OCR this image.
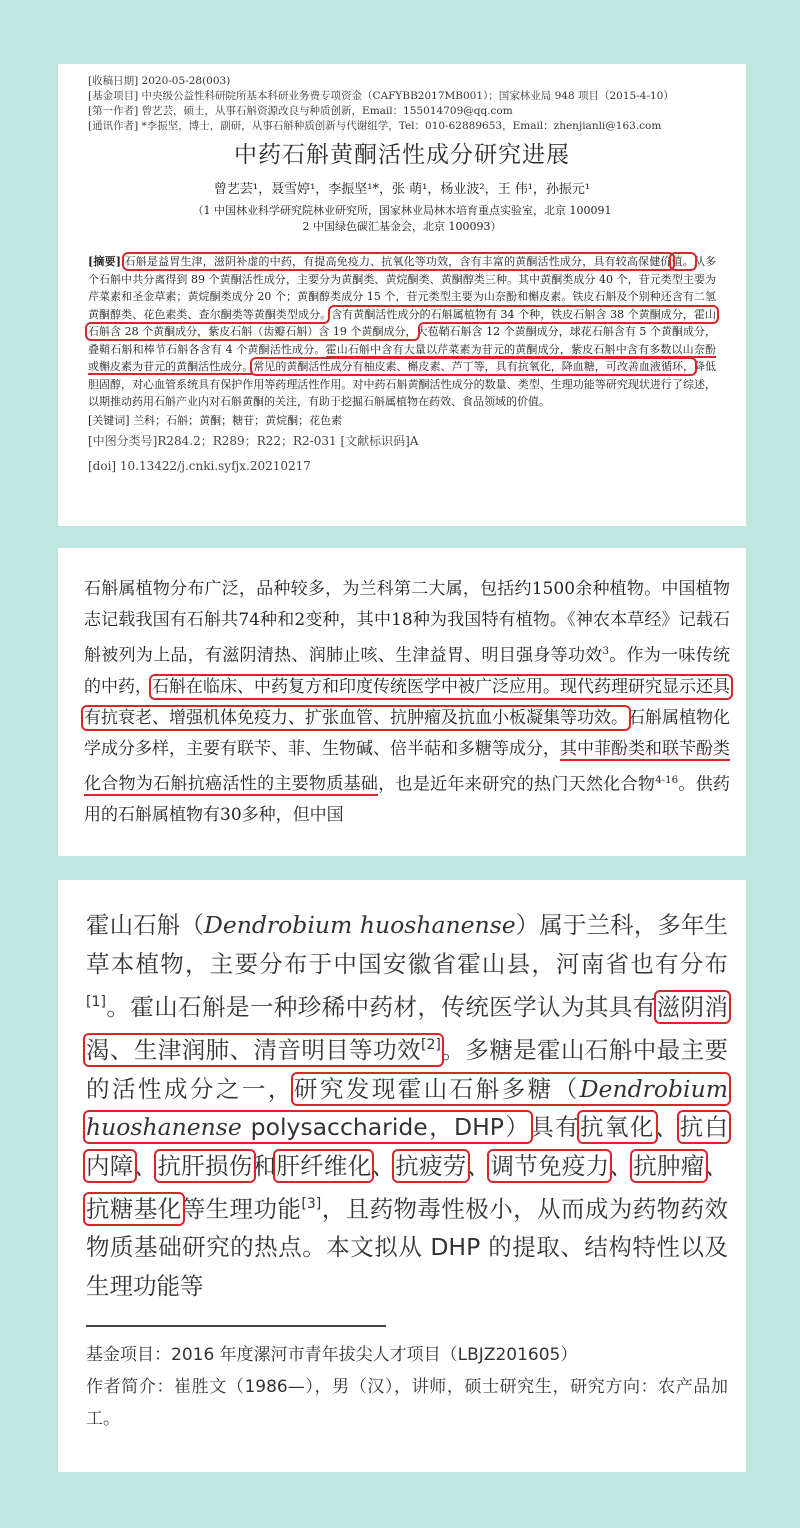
[收稿日期] 2020-05-28(003)
[基金项目] 中央级公益性科研院所基本科研业务费专项资金（CAFYBB2017MB001）；国家林业局 948 项目（2015-4-10）
[第一作者] 曾艺芸，硕士，从事石斛资源改良与种质创新，Email：155014709@qq.com
[通讯作者] *李振坚，博士，副研，从事石斛种质创新与代谢组学，Tel：010-62889653，Email：zhenjianli@163.com
中药石斛黄酮活性成分研究进展
曾艺芸¹，聂雪婷¹，李振坚¹*，张 萌¹，杨业波²，王 伟¹，孙振元¹
（1 中国林业科学研究院林业研究所，国家林业局林木培育重点实验室，北京 100091
2 中国绿色碳汇基金会，北京 100093）
[摘要] 石斛是益胃生津，滋阴补虚的中药，有提高免疫力、抗氧化等功效，含有丰富的黄酮活性成分，具有较高保健价值。从多个石斛中共分离得到 89 个黄酮活性成分，主要分为黄酮类、黄烷酮类、黄酮醇类三种。其中黄酮类成分 40 个，苷元类型主要为芹菜素和圣金草素；黄烷酮类成分 20 个；黄酮醇类成分 15 个，苷元类型主要为山奈酚和槲皮素。铁皮石斛及个别种还含有二氢黄酮醇类、花色素类、查尔酮类等黄酮类型成分。含有黄酮活性成分的石斛属植物有 34 个种，铁皮石斛含 38 个黄酮成分，霍山石斛含 28 个黄酮成分，紫皮石斛（齿瓣石斛）含 19 个黄酮成分，大苞鞘石斛含 12 个黄酮成分，球花石斛含有 5 个黄酮成分，叠鞘石斛和棒节石斛各含有 4 个黄酮活性成分。霍山石斛中含有大量以芹菜素为苷元的黄酮成分，紫皮石斛中含有多数以山奈酚或槲皮素为苷元的黄酮活性成分。常见的黄酮活性成分有柚皮素、槲皮素、芦丁等，具有抗氧化，降血糖，可改善血液循环，降低胆固醇，对心血管系统具有保护作用等药理活性作用。对中药石斛黄酮活性成分的数量、类型、生理功能等研究现状进行了综述，以期推动药用石斛产业内对石斛黄酮的关注，有助于挖掘石斛属植物在药效、食品领域的价值。
[关键词] 兰科；石斛；黄酮；糖苷；黄烷酮；花色素
[中图分类号]R284.2；R289；R22；R2-031 [文献标识码]A
[doi] 10.13422/j.cnki.syfjx.20210217
石斛属植物分布广泛，品种较多，为兰科第二大属，包括约1500余种植物。中国植物志记载我国有石斛共74种和2变种，其中18种为我国特有植物。《神农本草经》记载石斛被列为上品，有滋阴清热、润肺止咳、生津益胃、明目强身等功效$^3$。作为一味传统的中药，石斛在临床、中药复方和印度传统医学中被广泛应用。现代药理研究显示还具有抗衰老、增强机体免疫力、扩张血管、抗肿瘤及抗血小板凝集等功效。石斛属植物化学成分多样，主要有联苄、菲、生物碱、倍半萜和多糖等成分，其中菲酚类和联苄酚类化合物为石斛抗癌活性的主要物质基础，也是近年来研究的热门天然化合物$^{4-16}$。供药用的石斛属植物有30多种，但中国
霍山石斛（Dendrobium huoshanense）属于兰科，多年生草本植物，主要分布于中国安徽省霍山县，河南省也有分布[1]。霍山石斛是一种珍稀中药材，传统医学认为其具有滋阴消渴、生津润肺、清音明目等功效[2]。多糖是霍山石斛中最主要的活性成分之一，研究发现霍山石斛多糖（Dendrobium huoshanense polysaccharide，DHP）具有抗氧化、抗白内障、抗肝损伤和肝纤维化、抗疲劳、调节免疫力、抗肿瘤、抗糖基化等生理功能[3]，且药物毒性极小，从而成为药物药效物质基础研究的热点。本文拟从 DHP 的提取、结构特性以及生理功能等
基金项目：2016 年度漯河市青年拔尖人才项目（LBJZ201605）
作者简介：崔胜文（1986—），男（汉），讲师，硕士研究生，研究方向：农产品加工。
